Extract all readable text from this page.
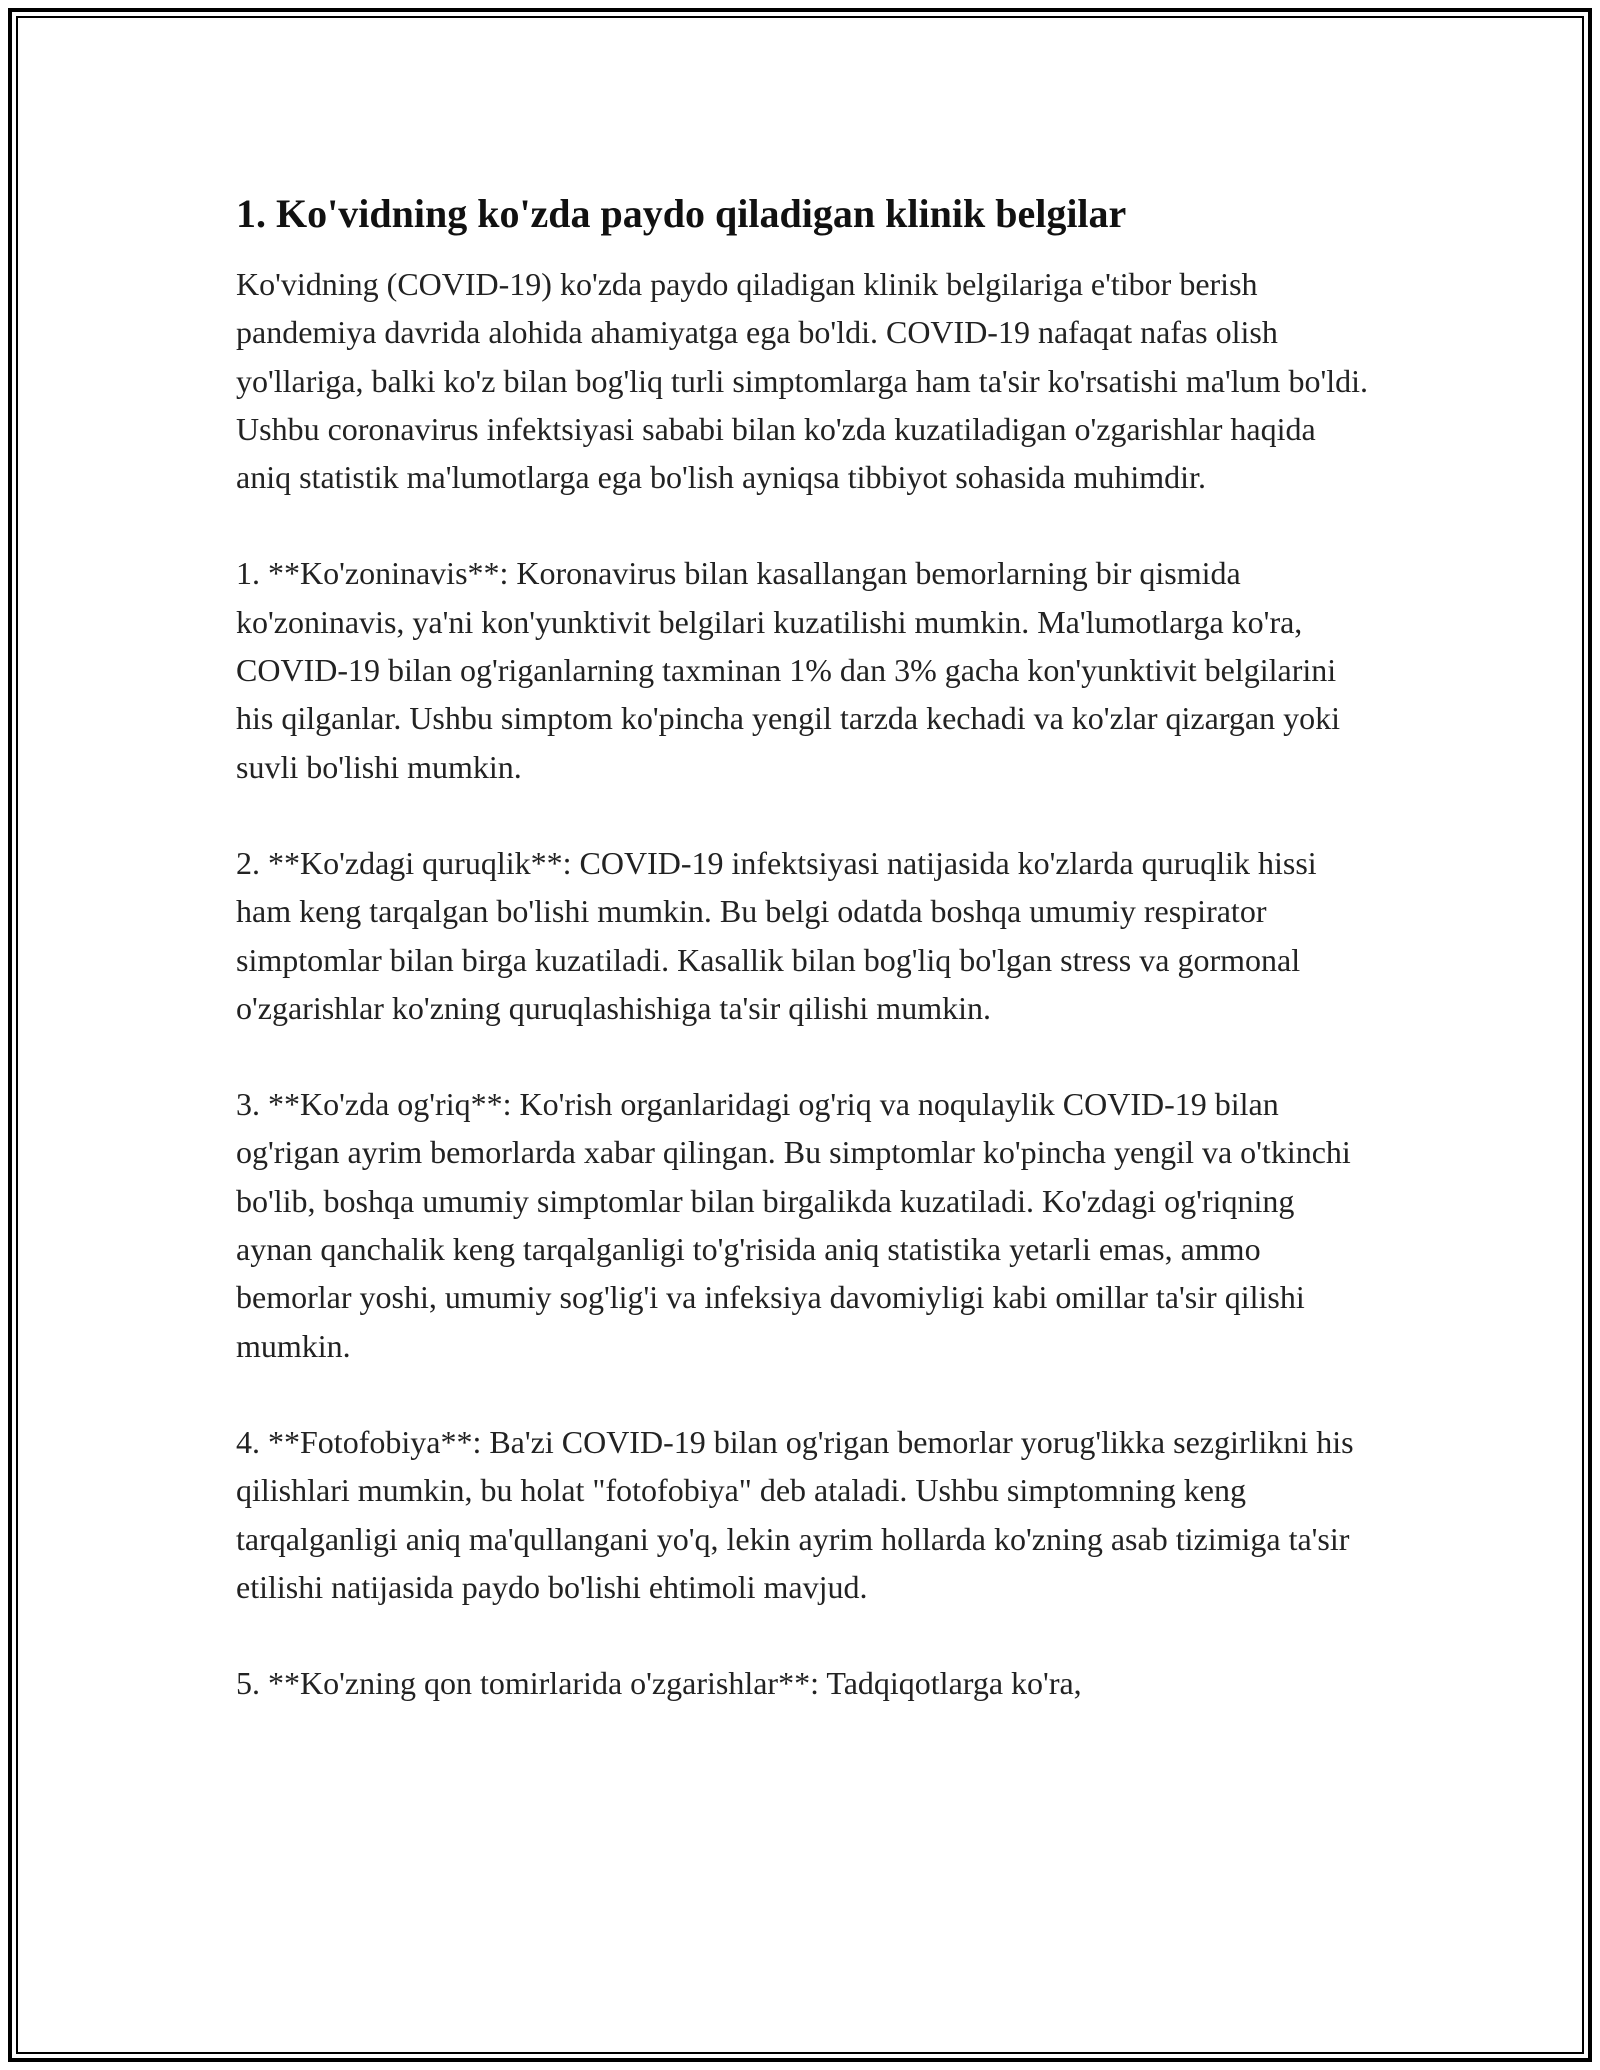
1. Ko'vidning ko'zda paydo qiladigan klinik belgilar

Ko'vidning (COVID-19) ko'zda paydo qiladigan klinik belgilariga e'tibor berish pandemiya davrida alohida ahamiyatga ega bo'ldi. COVID-19 nafaqat nafas olish yo'llariga, balki ko'z bilan bog'liq turli simptomlarga ham ta'sir ko'rsatishi ma'lum bo'ldi. Ushbu coronavirus infektsiyasi sababi bilan ko'zda kuzatiladigan o'zgarishlar haqida aniq statistik ma'lumotlarga ega bo'lish ayniqsa tibbiyot sohasida muhimdir.

1. **Ko'zoninavis**: Koronavirus bilan kasallangan bemorlarning bir qismida ko'zoninavis, ya'ni kon'yunktivit belgilari kuzatilishi mumkin. Ma'lumotlarga ko'ra, COVID-19 bilan og'riganlarning taxminan 1% dan 3% gacha kon'yunktivit belgilarini his qilganlar. Ushbu simptom ko'pincha yengil tarzda kechadi va ko'zlar qizargan yoki suvli bo'lishi mumkin.

2. **Ko'zdagi quruqlik**: COVID-19 infektsiyasi natijasida ko'zlarda quruqlik hissi ham keng tarqalgan bo'lishi mumkin. Bu belgi odatda boshqa umumiy respirator simptomlar bilan birga kuzatiladi. Kasallik bilan bog'liq bo'lgan stress va gormonal o'zgarishlar ko'zning quruqlashishiga ta'sir qilishi mumkin.

3. **Ko'zda og'riq**: Ko'rish organlaridagi og'riq va noqulaylik COVID-19 bilan og'rigan ayrim bemorlarda xabar qilingan. Bu simptomlar ko'pincha yengil va o'tkinchi bo'lib, boshqa umumiy simptomlar bilan birgalikda kuzatiladi. Ko'zdagi og'riqning aynan qanchalik keng tarqalganligi to'g'risida aniq statistika yetarli emas, ammo bemorlar yoshi, umumiy sog'lig'i va infeksiya davomiyligi kabi omillar ta'sir qilishi mumkin.

4. **Fotofobiya**: Ba'zi COVID-19 bilan og'rigan bemorlar yorug'likka sezgirlikni his qilishlari mumkin, bu holat "fotofobiya" deb ataladi. Ushbu simptomning keng tarqalganligi aniq ma'qullangani yo'q, lekin ayrim hollarda ko'zning asab tizimiga ta'sir etilishi natijasida paydo bo'lishi ehtimoli mavjud.

5. **Ko'zning qon tomirlarida o'zgarishlar**: Tadqiqotlarga ko'ra,
